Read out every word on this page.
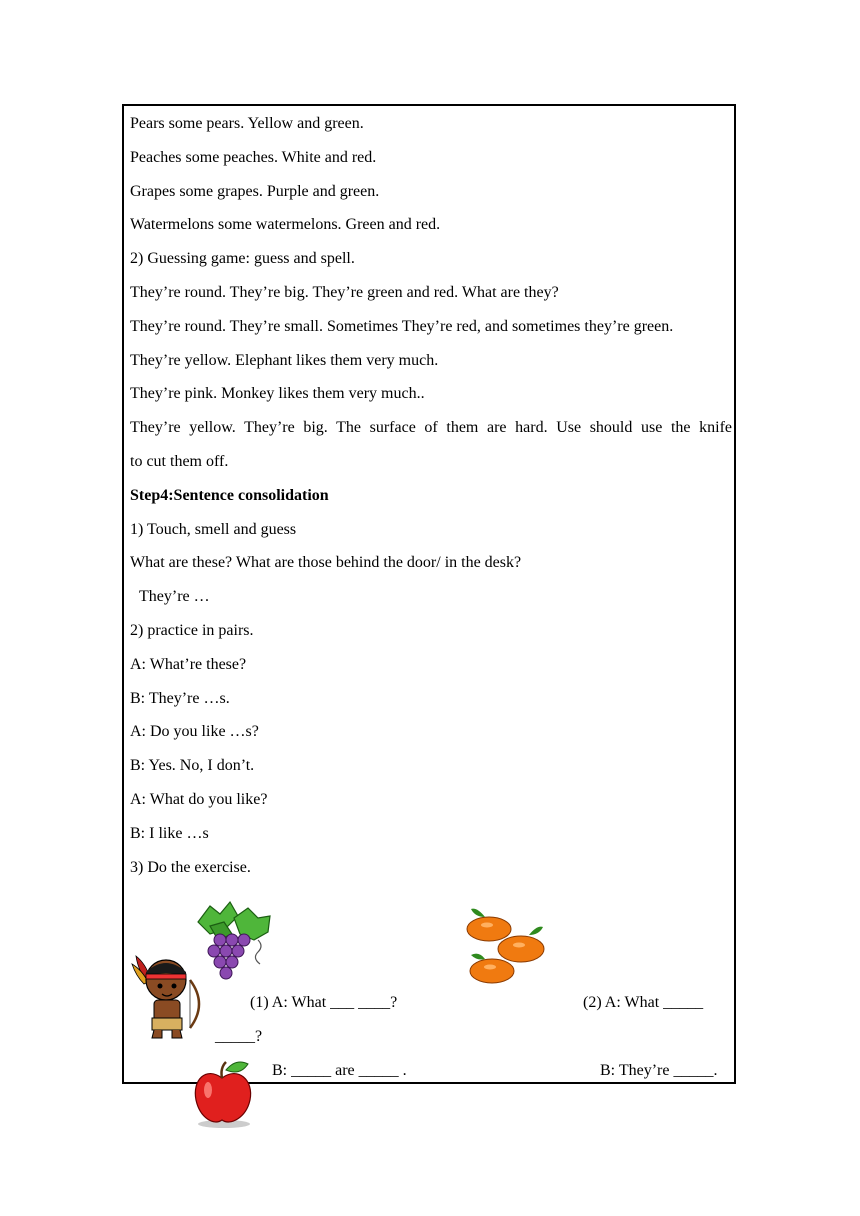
Pears some pears. Yellow and green.
Peaches some peaches. White and red.
Grapes some grapes. Purple and green.
Watermelons some watermelons. Green and red.
2) Guessing game: guess and spell.
They’re round. They’re big. They’re green and red. What are they?
They’re round. They’re small. Sometimes They’re red, and sometimes they’re green.
They’re yellow. Elephant likes them very much.
They’re pink. Monkey likes them very much..
They’re yellow. They’re big. The surface of them are hard. Use should use the knife
to cut them off.
Step4:Sentence consolidation
1) Touch, smell and guess
What are these? What are those behind the door/ in the desk?
They’re …
2) practice in pairs.
A: What’re these?
B: They’re …s.
A: Do you like …s?
B: Yes. No, I don’t.
A: What do you like?
B: I like …s
3) Do the exercise.
(1) A: What ___ ____?	(2) A: What _____
_____?
B: _____ are _____ .	B: They’re _____.
